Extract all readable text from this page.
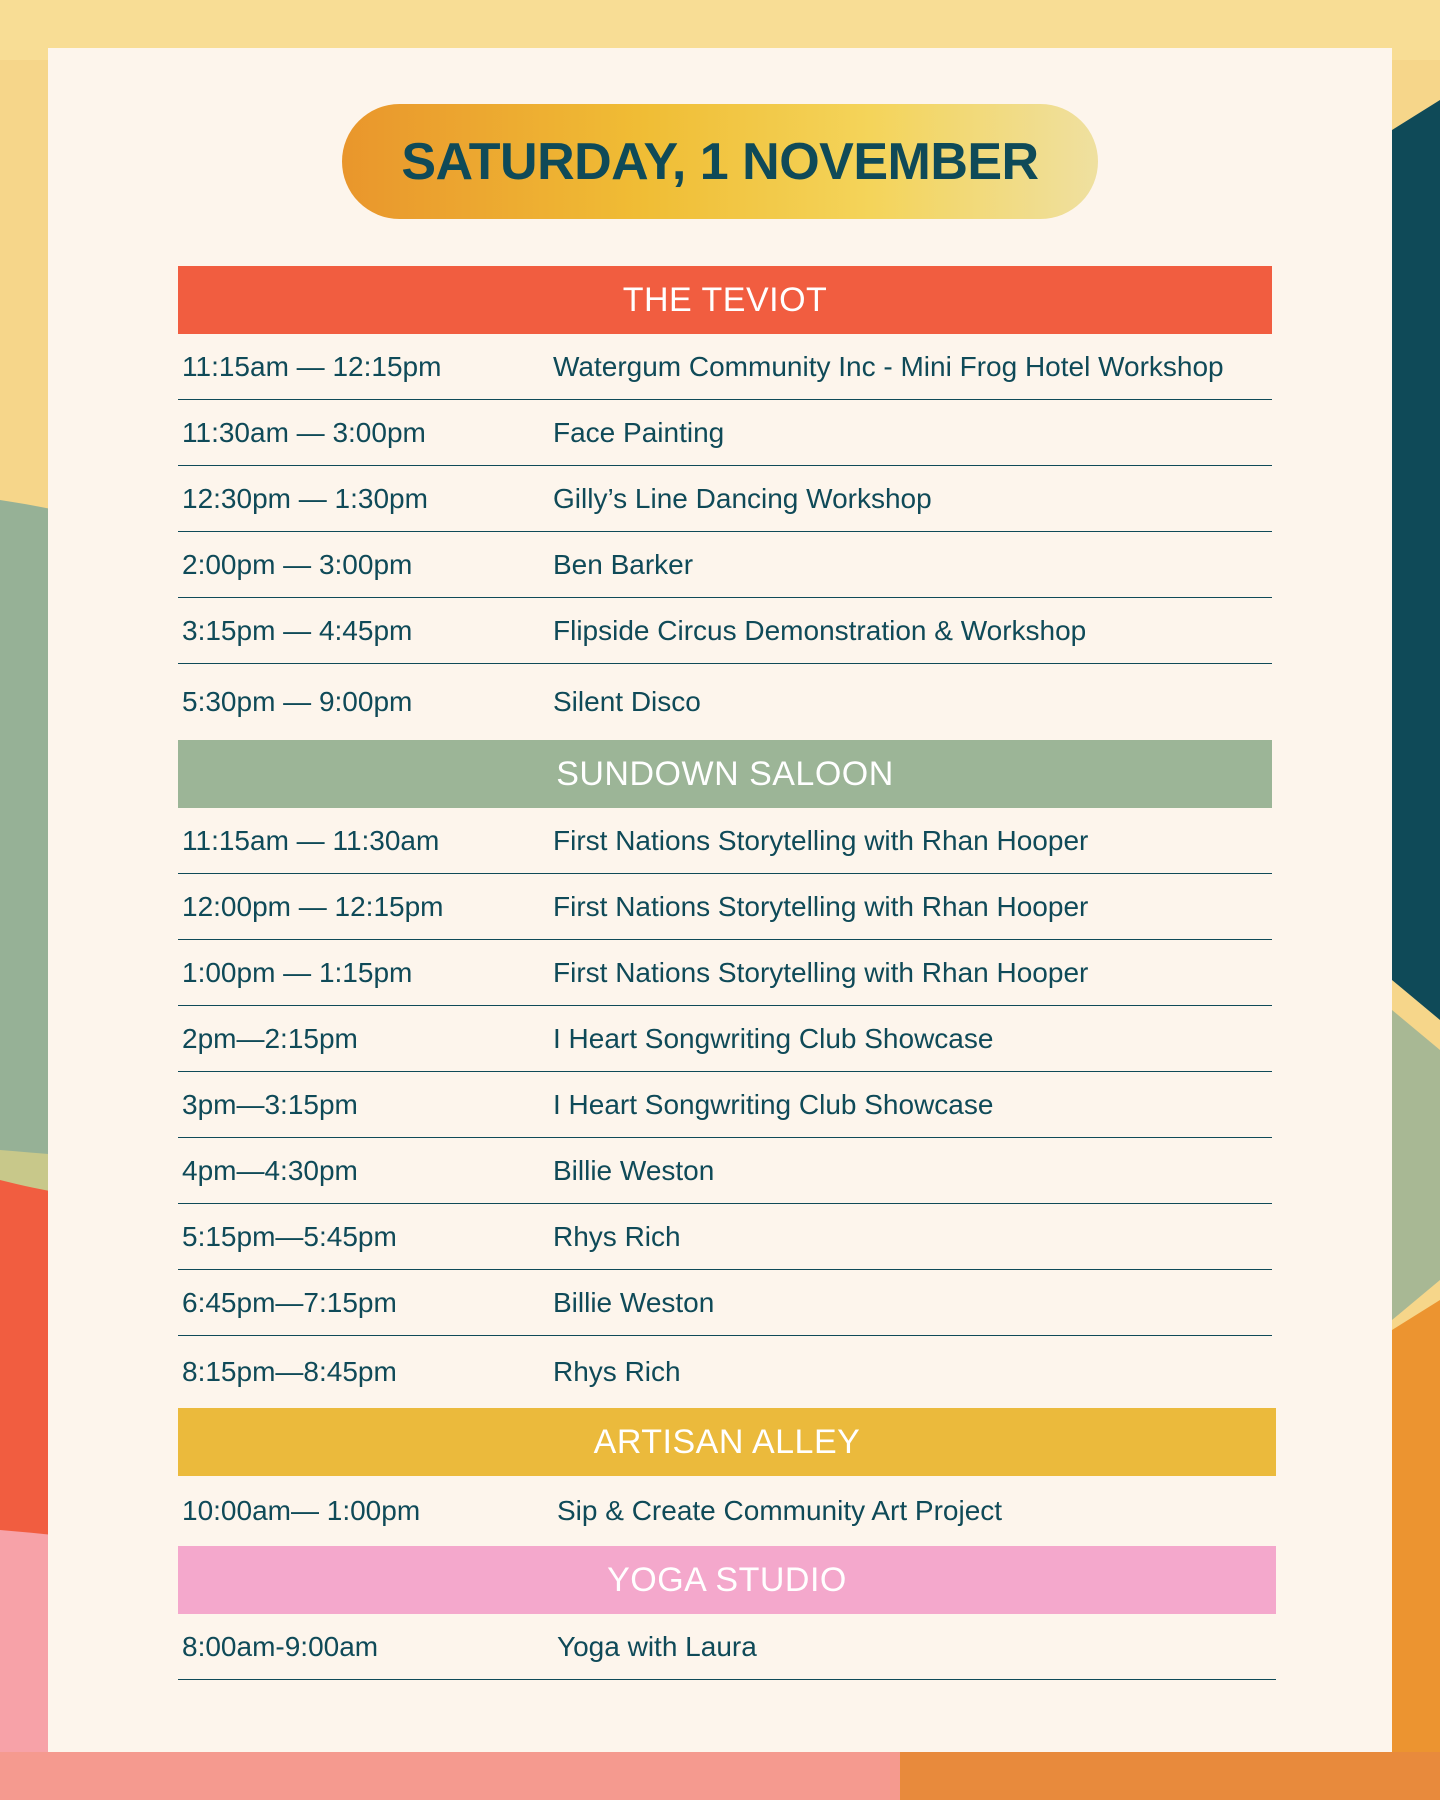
SATURDAY, 1 NOVEMBER
THE TEVIOT
11:15am — 12:15pm	Watergum Community Inc - Mini Frog Hotel Workshop
11:30am — 3:00pm	Face Painting
12:30pm — 1:30pm	Gilly’s Line Dancing Workshop
2:00pm — 3:00pm	Ben Barker
3:15pm — 4:45pm	Flipside Circus Demonstration & Workshop
5:30pm — 9:00pm	Silent Disco
SUNDOWN SALOON
11:15am — 11:30am	First Nations Storytelling with Rhan Hooper
12:00pm — 12:15pm	First Nations Storytelling with Rhan Hooper
1:00pm — 1:15pm	First Nations Storytelling with Rhan Hooper
2pm—2:15pm	I Heart Songwriting Club Showcase
3pm—3:15pm	I Heart Songwriting Club Showcase
4pm—4:30pm	Billie Weston
5:15pm—5:45pm	Rhys Rich
6:45pm—7:15pm	Billie Weston
8:15pm—8:45pm	Rhys Rich
ARTISAN ALLEY
10:00am— 1:00pm	Sip & Create Community Art Project
YOGA STUDIO
8:00am-9:00am	Yoga with Laura
